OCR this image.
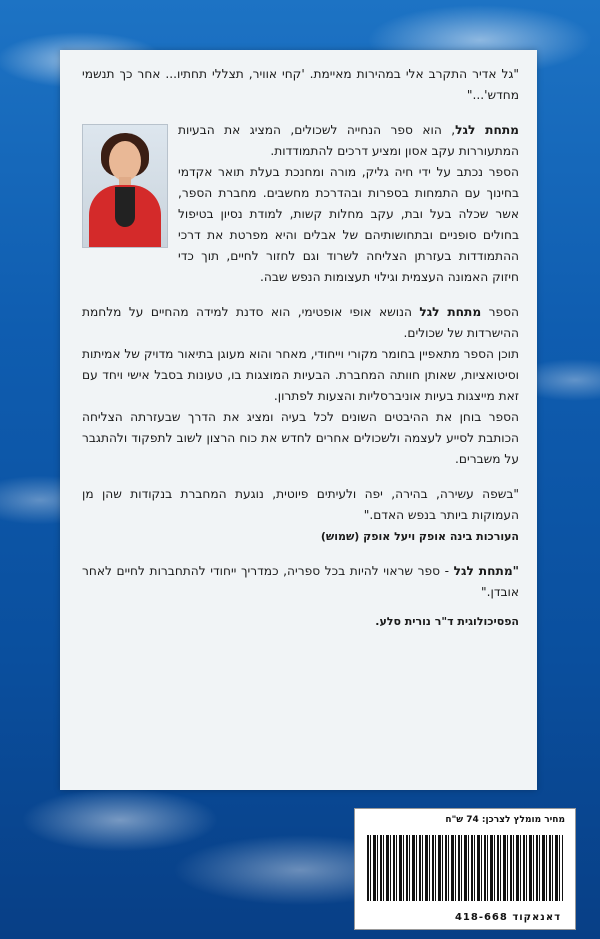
"גל אדיר התקרב אלי במהירות מאיימת. 'קחי אוויר, תצללי תחתיו... אחר כך תנשמי מחדש'..."

מתחת לגל, הוא ספר הנחייה לשכולים, המציג את הבעיות המתעוררות עקב אסון ומציע דרכים להתמודדות.

הספר נכתב על ידי חיה גליק, מורה ומחנכת בעלת תואר אקדמי בחינוך עם התמחות בספרות ובהדרכת מחשבים. מחברת הספר, אשר שכלה בעל ובת, עקב מחלות קשות, למודת נסיון בטיפול בחולים סופניים ובתחושותיהם של אבלים והיא מפרטת את דרכי ההתמודדות בעזרתן הצליחה לשרוד וגם לחזור לחיים, תוך כדי חיזוק האמונה העצמית וגילוי תעצומות הנפש שבה.

הספר מתחת לגל הנושא אופי אופטימי, הוא סדנת למידה מהחיים על מלחמת ההישרדות של שכולים.

תוכן הספר מתאפיין בחומר מקורי וייחודי, מאחר והוא מעוגן בתיאור מדויק של אמיתות וסיטואציות, שאותן חוותה המחברת. הבעיות המוצגות בו, טעונות בסבל אישי ויחד עם זאת מייצגות בעיות אוניברסליות והצעות לפתרון.

הספר בוחן את ההיבטים השונים לכל בעיה ומציג את הדרך שבעזרתה הצליחה הכותבת לסייע לעצמה ולשכולים אחרים לחדש את כוח הרצון לשוב לתפקוד ולהתגבר על משברים.

"בשפה עשירה, בהירה, יפה ולעיתים פיוטית, נוגעת המחברת בנקודות שהן מן העמוקות ביותר בנפש האדם."

העורכות בינה אופק ויעל אופק (שמוש)

"מתחת לגל - ספר שראוי להיות בכל ספריה, כמדריך ייחודי להתחברות לחיים לאחר אובדן."

הפסיכולוגית ד"ר נורית סלע.

מחיר מומלץ לצרכן: 74 ש"ח
דאנאקוד 418-668
